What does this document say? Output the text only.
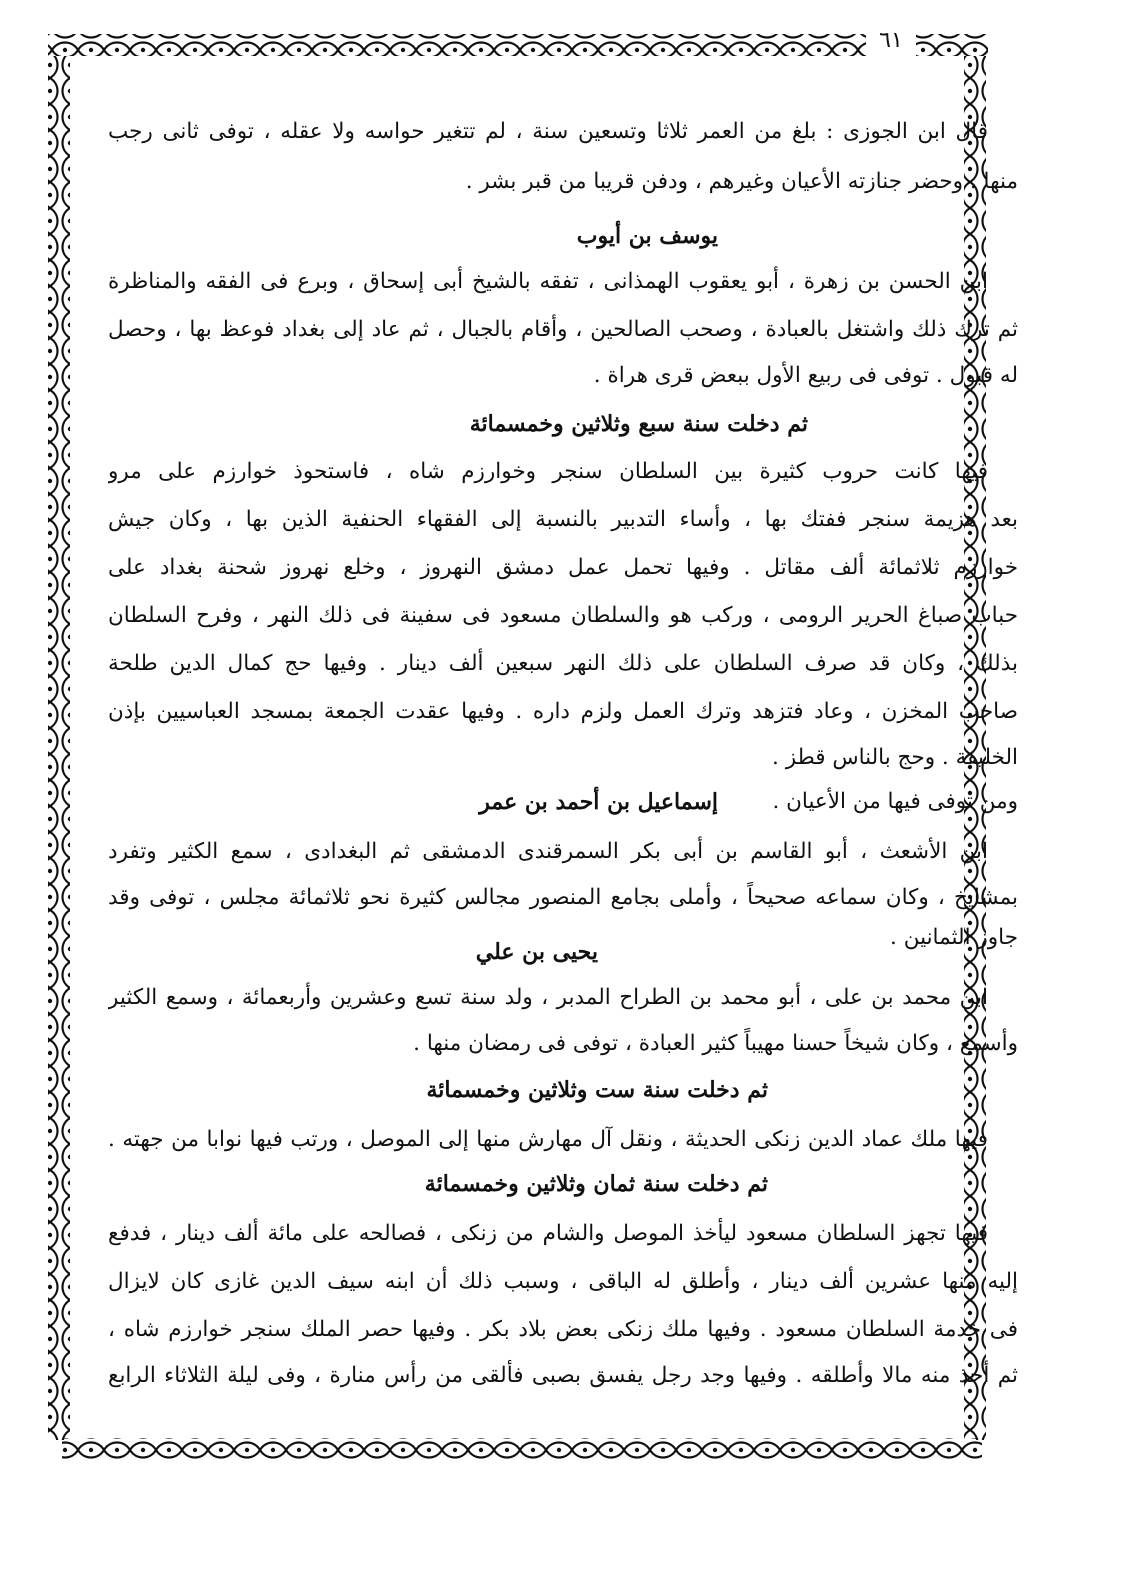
٦١
قال ابن الجوزى : بلغ من العمر ثلاثا وتسعين سنة ، لم تتغير حواسه ولا عقله ، توفى ثانى رجب
منها . وحضر جنازته الأعيان وغيرهم ، ودفن قريبا من قبر بشر .
يوسف بن أيوب
ابن الحسن بن زهرة ، أبو يعقوب الهمذانى ، تفقه بالشيخ أبى إسحاق ، وبرع فى الفقه والمناظرة
ثم ترك ذلك واشتغل بالعبادة ، وصحب الصالحين ، وأقام بالجبال ، ثم عاد إلى بغداد فوعظ بها ، وحصل
له قبول . توفى فى ربيع الأول ببعض قرى هراة .
ثم دخلت سنة سبع وثلاثين وخمسمائة
فيها كانت حروب كثيرة بين السلطان سنجر وخوارزم شاه ، فاستحوذ خوارزم على مرو
بعد هزيمة سنجر ففتك بها ، وأساء التدبير بالنسبة إلى الفقهاء الحنفية الذين بها ، وكان جيش
خوارزم ثلاثمائة ألف مقاتل . وفيها تحمل عمل دمشق النهروز ، وخلع نهروز شحنة بغداد على
حباب صباغ الحرير الرومى ، وركب هو والسلطان مسعود فى سفينة فى ذلك النهر ، وفرح السلطان
بذلك ، وكان قد صرف السلطان على ذلك النهر سبعين ألف دينار . وفيها حج كمال الدين طلحة
صاحب المخزن ، وعاد فتزهد وترك العمل ولزم داره . وفيها عقدت الجمعة بمسجد العباسيين بإذن
الخليفة . وحج بالناس قطز .
ومن توفى فيها من الأعيان .
إسماعيل بن أحمد بن عمر
ابن الأشعث ، أبو القاسم بن أبى بكر السمرقندى الدمشقى ثم البغدادى ، سمع الكثير وتفرد
بمشايخ ، وكان سماعه صحيحاً ، وأملى بجامع المنصور مجالس كثيرة نحو ثلاثمائة مجلس ، توفى وقد
جاوز الثمانين .
يحيى بن علي
ابن محمد بن على ، أبو محمد بن الطراح المدبر ، ولد سنة تسع وعشرين وأربعمائة ، وسمع الكثير
وأسمع ، وكان شيخاً حسنا مهيباً كثير العبادة ، توفى فى رمضان منها .
ثم دخلت سنة ست وثلاثين وخمسمائة
فيها ملك عماد الدين زنكى الحديثة ، ونقل آل مهارش منها إلى الموصل ، ورتب فيها نوابا من جهته .
ثم دخلت سنة ثمان وثلاثين وخمسمائة
فيها تجهز السلطان مسعود ليأخذ الموصل والشام من زنكى ، فصالحه على مائة ألف دينار ، فدفع
إليه منها عشرين ألف دينار ، وأطلق له الباقى ، وسبب ذلك أن ابنه سيف الدين غازى كان لايزال
فى خدمة السلطان مسعود . وفيها ملك زنكى بعض بلاد بكر . وفيها حصر الملك سنجر خوارزم شاه ،
ثم أخذ منه مالا وأطلقه . وفيها وجد رجل يفسق بصبى فألقى من رأس منارة ، وفى ليلة الثلاثاء الرابع
